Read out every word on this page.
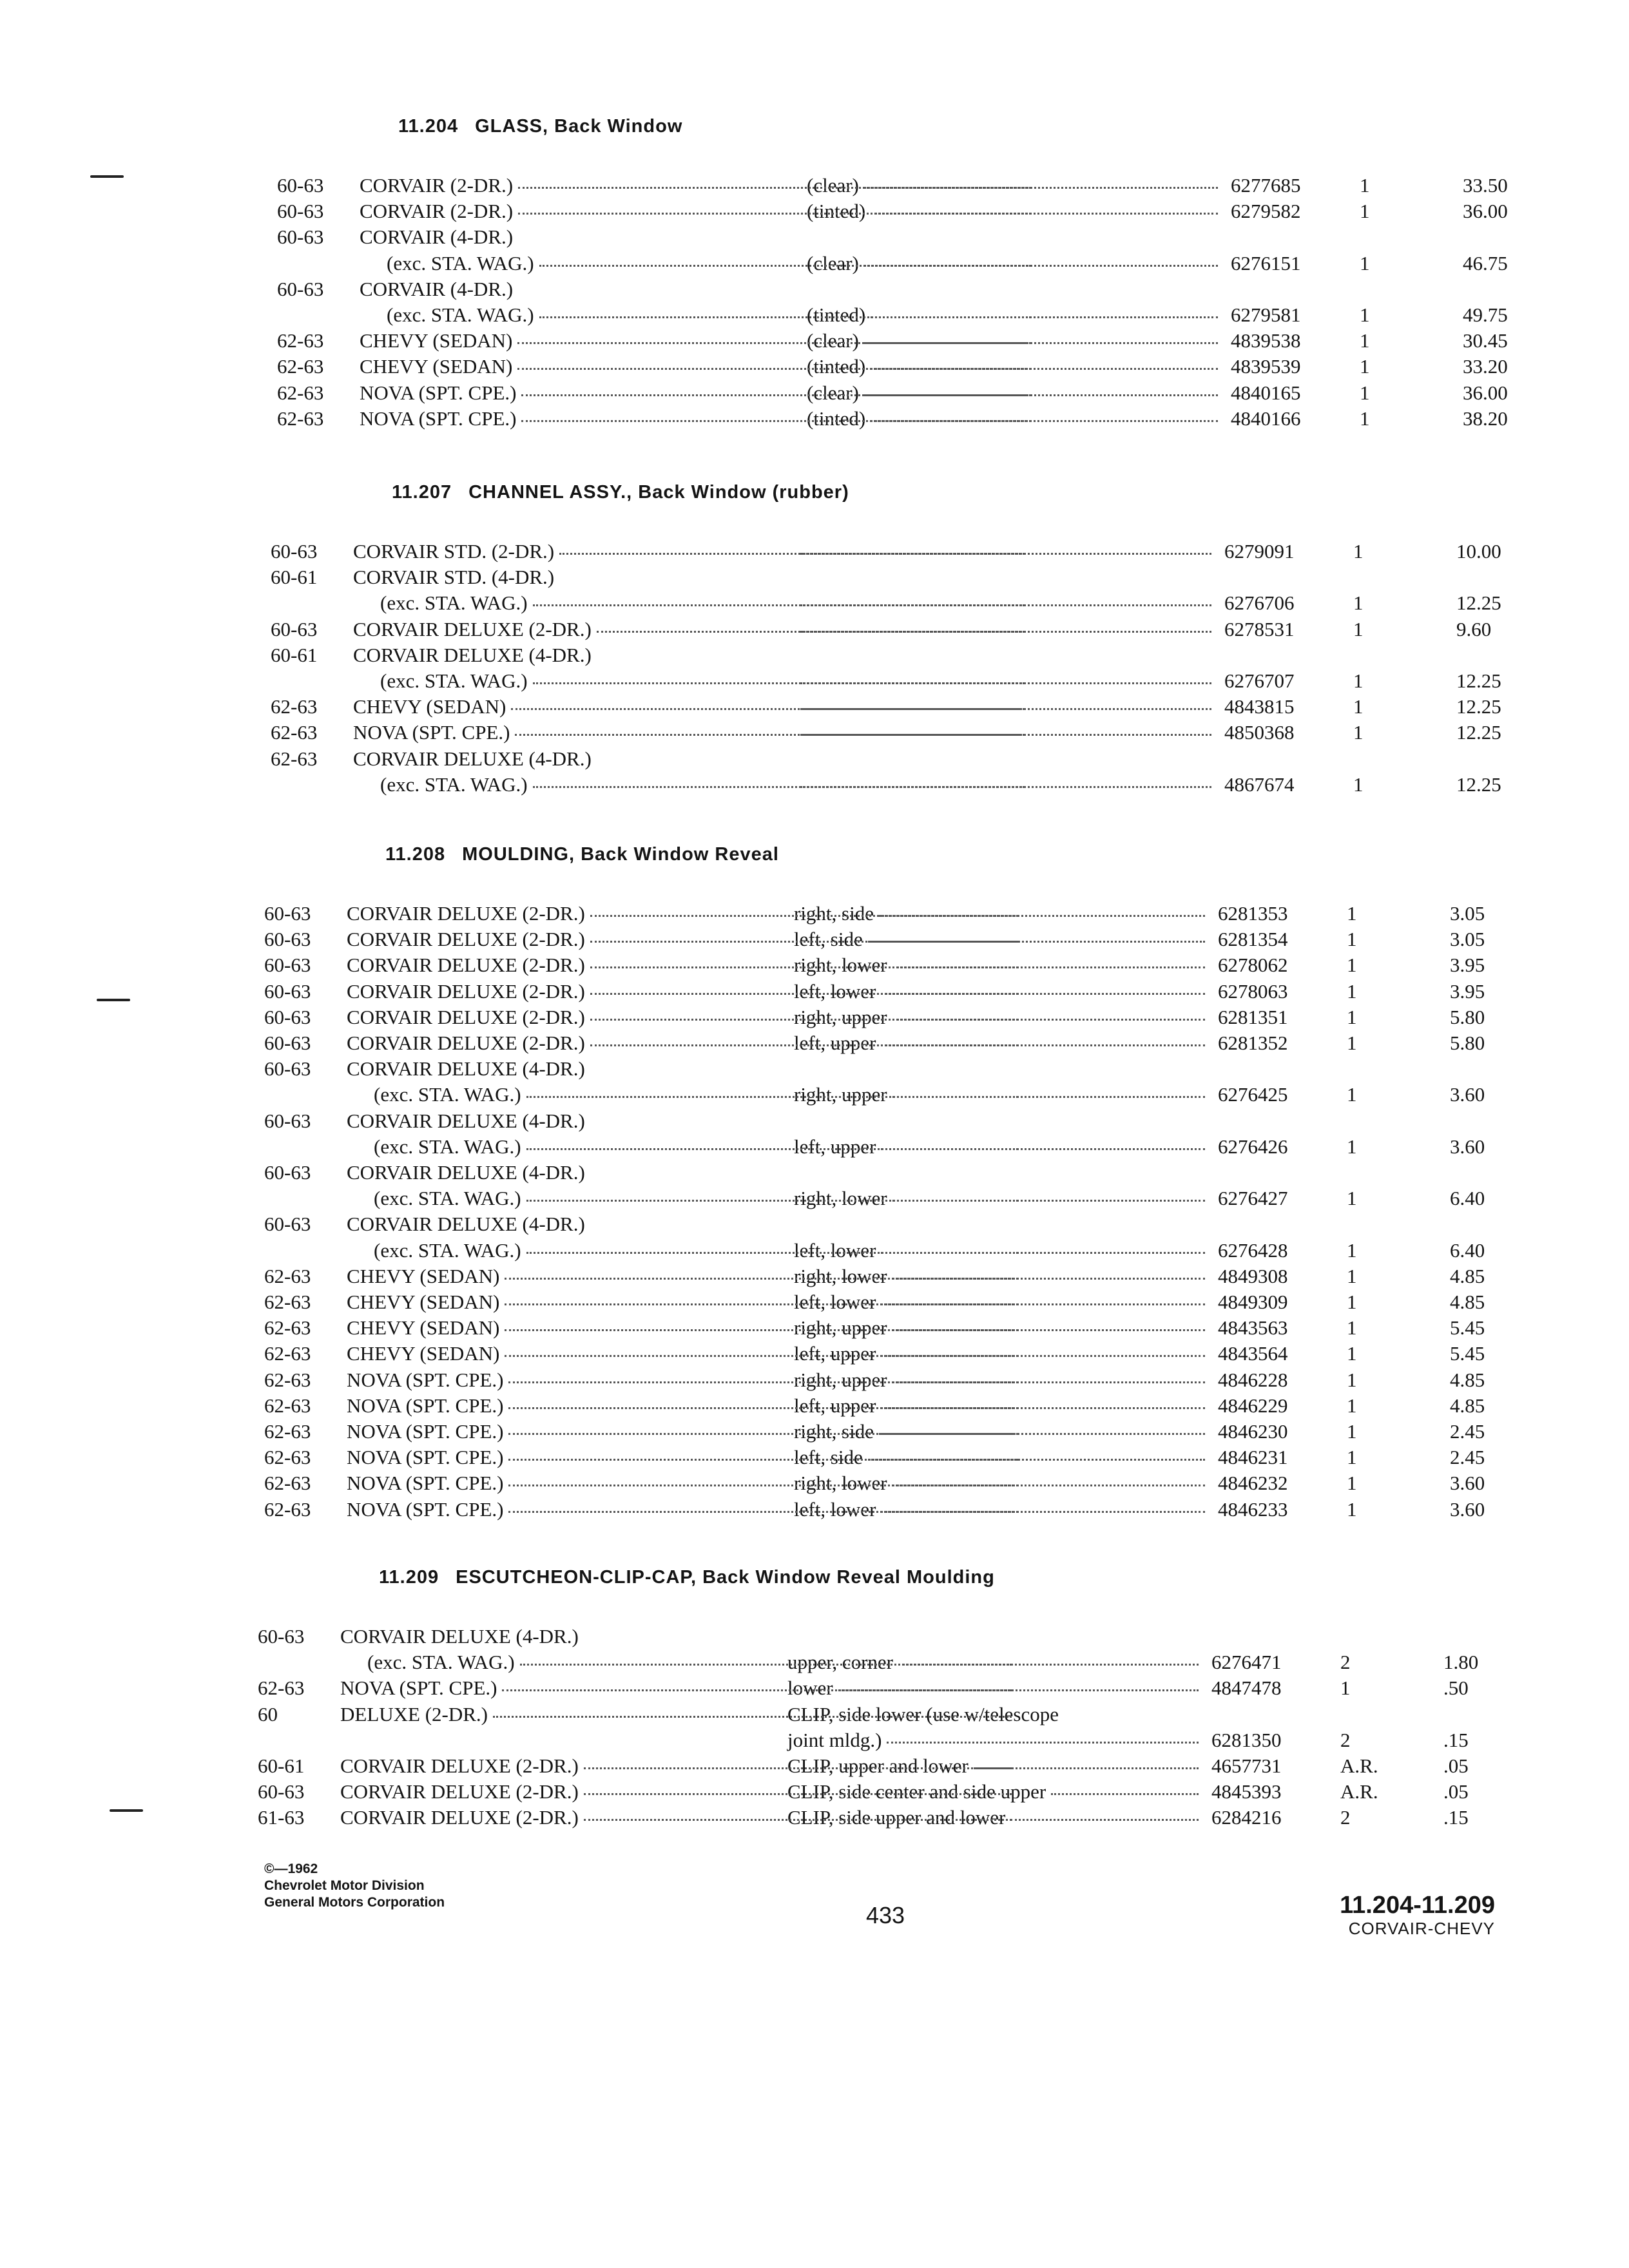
11.204 GLASS, Back Window
60-63 CORVAIR (2-DR.)	(clear)	6277685	1	33.50
60-63 CORVAIR (2-DR.)	(tinted)	6279582	1	36.00
60-63 CORVAIR (4-DR.)
(exc. STA. WAG.)	(clear)	6276151	1	46.75
60-63 CORVAIR (4-DR.)
(exc. STA. WAG.)	(tinted)	6279581	1	49.75
62-63 CHEVY (SEDAN)	(clear)	4839538	1	30.45
62-63 CHEVY (SEDAN)	(tinted)	4839539	1	33.20
62-63 NOVA (SPT. CPE.)	(clear)	4840165	1	36.00
62-63 NOVA (SPT. CPE.)	(tinted)	4840166	1	38.20
11.207 CHANNEL ASSY., Back Window (rubber)
60-63 CORVAIR STD. (2-DR.)	6279091	1	10.00
60-61 CORVAIR STD. (4-DR.)
(exc. STA. WAG.)	6276706	1	12.25
60-63 CORVAIR DELUXE (2-DR.)	6278531	1	9.60
60-61 CORVAIR DELUXE (4-DR.)
(exc. STA. WAG.)	6276707	1	12.25
62-63 CHEVY (SEDAN)	4843815	1	12.25
62-63 NOVA (SPT. CPE.)	4850368	1	12.25
62-63 CORVAIR DELUXE (4-DR.)
(exc. STA. WAG.)	4867674	1	12.25
11.208 MOULDING, Back Window Reveal
60-63 CORVAIR DELUXE (2-DR.)	right, side	6281353	1	3.05
60-63 CORVAIR DELUXE (2-DR.)	left, side	6281354	1	3.05
60-63 CORVAIR DELUXE (2-DR.)	right, lower	6278062	1	3.95
60-63 CORVAIR DELUXE (2-DR.)	left, lower	6278063	1	3.95
60-63 CORVAIR DELUXE (2-DR.)	right, upper	6281351	1	5.80
60-63 CORVAIR DELUXE (2-DR.)	left, upper	6281352	1	5.80
60-63 CORVAIR DELUXE (4-DR.)
(exc. STA. WAG.)	right, upper	6276425	1	3.60
60-63 CORVAIR DELUXE (4-DR.)
(exc. STA. WAG.)	left, upper	6276426	1	3.60
60-63 CORVAIR DELUXE (4-DR.)
(exc. STA. WAG.)	right, lower	6276427	1	6.40
60-63 CORVAIR DELUXE (4-DR.)
(exc. STA. WAG.)	left, lower	6276428	1	6.40
62-63 CHEVY (SEDAN)	right, lower	4849308	1	4.85
62-63 CHEVY (SEDAN)	left, lower	4849309	1	4.85
62-63 CHEVY (SEDAN)	right, upper	4843563	1	5.45
62-63 CHEVY (SEDAN)	left, upper	4843564	1	5.45
62-63 NOVA (SPT. CPE.)	right, upper	4846228	1	4.85
62-63 NOVA (SPT. CPE.)	left, upper	4846229	1	4.85
62-63 NOVA (SPT. CPE.)	right, side	4846230	1	2.45
62-63 NOVA (SPT. CPE.)	left, side	4846231	1	2.45
62-63 NOVA (SPT. CPE.)	right, lower	4846232	1	3.60
62-63 NOVA (SPT. CPE.)	left, lower	4846233	1	3.60
11.209 ESCUTCHEON-CLIP-CAP, Back Window Reveal Moulding
60-63 CORVAIR DELUXE (4-DR.)
(exc. STA. WAG.)	upper, corner	6276471	2	1.80
62-63 NOVA (SPT. CPE.)	lower	4847478	1	.50
60	DELUXE (2-DR.)	CLIP, side lower (use w/telescope
joint mldg.)	6281350	2	.15
60-61 CORVAIR DELUXE (2-DR.)	CLIP, upper and lower	4657731	A.R.	.05
60-63 CORVAIR DELUXE (2-DR.)	CLIP, side center and side upper	4845393	A.R.	.05
61-63 CORVAIR DELUXE (2-DR.)	CLIP, side upper and lower	6284216	2	.15
©—1962
Chevrolet Motor Division
General Motors Corporation	433	11.204-11.209
CORVAIR-CHEVY
